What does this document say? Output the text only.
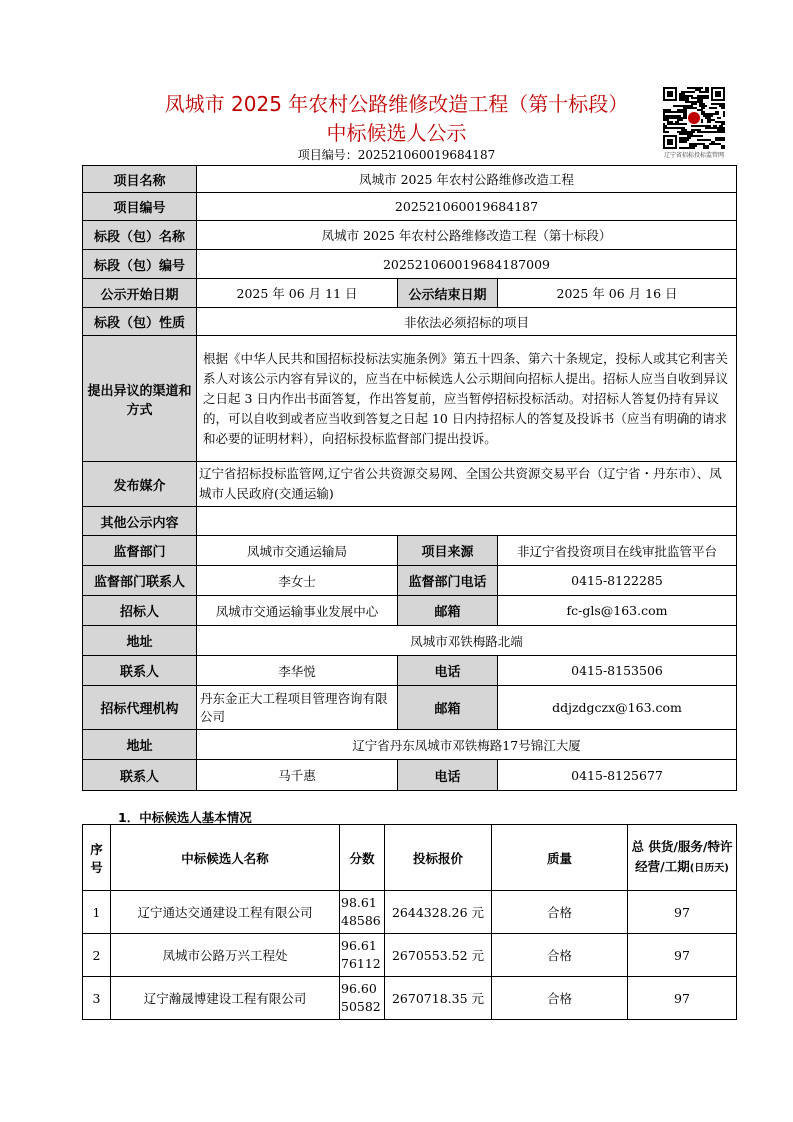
凤城市 2025 年农村公路维修改造工程（第十标段）
中标候选人公示
项目编号：202521060019684187	辽宁省招标投标监管网
项目名称	凤城市 2025 年农村公路维修改造工程		
项目编号	202521060019684187		
标段（包）名称	凤城市 2025 年农村公路维修改造工程（第十标段）		
标段（包）编号	202521060019684187009		
公示开始日期	2025 年 06 月 11 日	公示结束日期	2025 年 06 月 16 日
标段（包）性质	非依法必须招标的项目		
提出异议的渠道和方式	根据《中华人民共和国招标投标法实施条例》第五十四条、第六十条规定，投标人或其它利害关系人对该公示内容有异议的，应当在中标候选人公示期间向招标人提出。招标人应当自收到异议之日起 3 日内作出书面答复，作出答复前，应当暂停招标投标活动。对招标人答复仍持有异议的，可以自收到或者应当收到答复之日起 10 日内持招标人的答复及投诉书（应当有明确的请求和必要的证明材料），向招标投标监督部门提出投诉。		
发布媒介	辽宁省招标投标监管网,辽宁省公共资源交易网、全国公共资源交易平台（辽宁省・丹东市）、凤城市人民政府(交通运输)		
其他公示内容			
监督部门	凤城市交通运输局	项目来源	非辽宁省投资项目在线审批监管平台
监督部门联系人	李女士	监督部门电话	0415-8122285
招标人	凤城市交通运输事业发展中心	邮箱	fc-gls@163.com
地址	凤城市邓铁梅路北端		
联系人	李华悦	电话	0415-8153506
招标代理机构	丹东金正大工程项目管理咨询有限公司	邮箱	ddjzdgczx@163.com
地址	辽宁省丹东凤城市邓铁梅路17号锦江大厦		
联系人	马千惠	电话	0415-8125677
1．中标候选人基本情况
序号	中标候选人名称	分数	投标报价	质量	总 供货/服务/特许经营/工期(日历天)
1	辽宁通达交通建设工程有限公司	98.6148586	2644328.26 元	合格	97
2	凤城市公路万兴工程处	96.6176112	2670553.52 元	合格	97
3	辽宁瀚晟博建设工程有限公司	96.6050582	2670718.35 元	合格	97
